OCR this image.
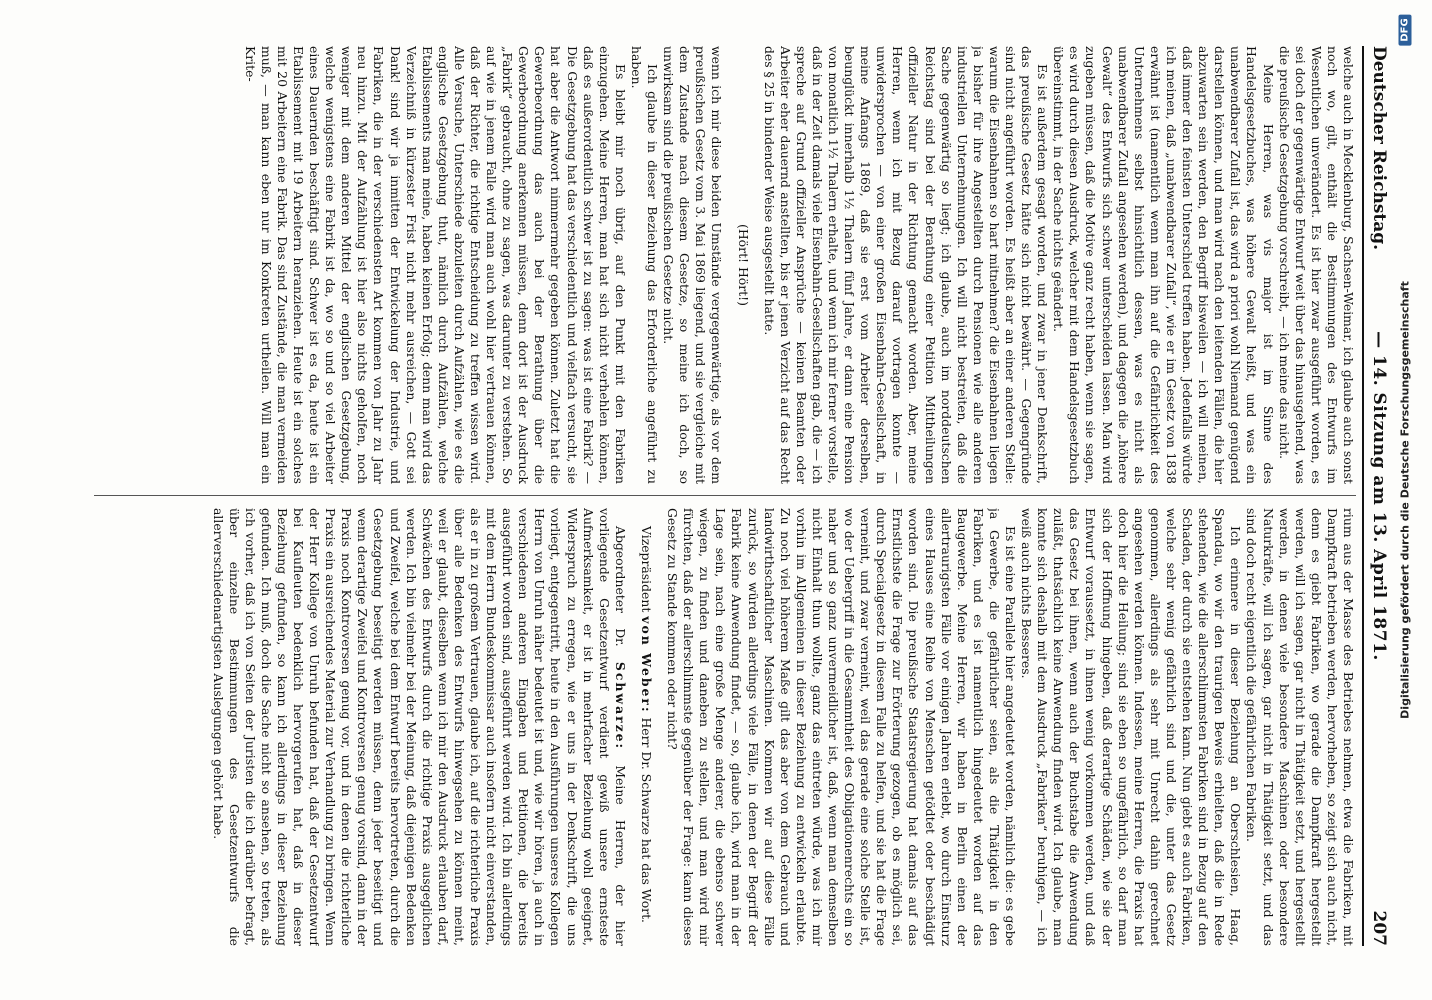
Deutscher Reichstag.
— 14. Sitzung am 13. April 1871.
207

welche auch in Mecklenburg, Sachsen-Weimar, ich glaube auch sonst noch wo, gilt, enthält die Bestimmungen des Entwurfs im Wesentlichen unverändert. Es ist hier zwar ausgeführt worden, es sei doch der gegenwärtige Entwurf weit über das hinausgehend, was die preußische Gesetzgebung vorschreibt, — ich meine das nicht.

Meine Herren, was vis major ist im Sinne des Handelsgesetzbuches, was höhere Gewalt heißt, und was ein unabwendbarer Zufall ist, das wird a priori wohl Niemand genügend darstellen können, und man wird nach den leitenden Fällen, die hier abzuwarten sein werden, den Begriff bisweilen — ich will meinen, daß immer den feinsten Unterschied treffen haben. Jedenfalls würde ich meinen, daß „unabwendbarer Zufall“, wie er im Gesetz von 1838 erwähnt ist (namentlich wenn man ihn auf die Gefährlichkeit des Unternehmens selbst hinsichtlich dessen, was es nicht als unabwendbarer Zufall angesehen werden), und dagegen die „höhere Gewalt“ des Entwurfs sich schwer unterscheiden lassen. Man wird zugeben müssen, daß die Motive ganz recht haben, wenn sie sagen, es wird durch diesen Ausdruck, welcher mit dem Handelsgesetzbuch übereinstimmt, in der Sache nichts geändert.

Es ist außerdem gesagt worden, und zwar in jener Denkschrift, das preußische Gesetz hätte sich nicht bewährt. — Gegengründe sind nicht angeführt worden. Es heißt aber an einer anderen Stelle: warum die Eisenbahnen so hart mitnehmen? die Eisenbahnen liegen ja bisher für ihre Angestellten durch Pensionen wie alle anderen industriellen Unternehmungen. Ich will nicht bestreiten, daß die Sache gegenwärtig so liegt; ich glaube, auch im norddeutschen Reichstag sind bei der Berathung einer Petition Mittheilungen offizieller Natur in der Richtung gemacht worden. Aber, meine Herren, wenn ich mit Bezug darauf vortragen konnte — unwidersprochen — von einer großen Eisenbahn-Gesellschaft, in meine Anfangs 1869, daß sie erst vom Arbeiter derselben, beunglückt innerhalb 1½ Thalern fünf Jahre, er dann eine Pension von monatlich 1½ Thalern erhalte, und wenn ich mir ferner vorstelle, daß in der Zeit damals viele Eisenbahn-Gesellschaften gab, die — ich spreche auf Grund offizieller Ansprüche — keinen Beamten oder Arbeiter eher dauernd anstellten, bis er jenen Verzicht auf das Recht des § 25 in bindender Weise ausgestellt hatte.

(Hört! Hört!)

wenn ich mir diese beiden Umstände vergegenwärtige, als vor dem preußischen Gesetz vom 3. Mai 1869 liegend, und sie vergleiche mit dem Zustande nach diesem Gesetze, so meine ich doch, so unwirksam sind die preußischen Gesetze nicht.

Ich glaube in dieser Beziehung das Erforderliche angeführt zu haben.

Es bleibt mir noch übrig, auf den Punkt mit den Fabriken einzugehen. Meine Herren, man hat sich nicht verhehlen können, daß es außerordentlich schwer ist zu sagen: was ist eine Fabrik? — Die Gesetzgebung hat das verschiedentlich und vielfach versucht, sie hat aber die Antwort nimmermehr gegeben können. Zuletzt hat die Gewerbeordnung das auch bei der Berathung über die Gewerbeordnung anerkennen müssen, denn dort ist der Ausdruck „Fabrik“ gebraucht, ohne zu sagen, was darunter zu verstehen. So auf wie in jenem Falle wird man auch wohl hier vertrauen können, daß der Richter, die richtige Entscheidung zu treffen wissen wird. Alle Versuche, Unterschiede abzuleiten durch Aufzählen, wie es die englische Gesetzgebung thut, nämlich durch Aufzählen, welche Etablissements man meine, haben keinen Erfolg; denn man wird das Verzeichniß in kürzester Frist nicht mehr ausreichen, — Gott sei Dank! sind wir ja inmitten der Entwickelung der Industrie, und Fabriken, die in der verschiedensten Art kommen von Jahr zu Jahr neu hinzu. Mit der Aufzählung ist hier also nichts geholfen, noch weniger mit dem anderen Mittel der englischen Gesetzgebung, welche wenigstens eine Fabrik ist da, wo so und so viel Arbeiter eines Dauernden beschäftigt sind. Schwer ist es da, heute ist ein Etablissement mit 19 Arbeitern heranziehen. Heute ist ein solches mit 20 Arbeitern eine Fabrik. Das sind Zustände, die man vermeiden muß, — man kann eben nur im Konkreten urtheilen. Will man ein Krite-

rium aus der Masse des Betriebes nehmen, etwa die Fabriken, mit Dampfkraft betrieben werden, hervorheben, so zeigt sich auch nicht, denn es giebt Fabriken, wo gerade die Dampfkraft hergestellt werden, will ich sagen, gar nicht in Thätigkeit setzt, und hergestellt werden, in denen viele besondere Maschinen oder besondere Naturkräfte, will ich sagen, gar nicht in Thätigkeit setzt, und das sind doch recht eigentlich die gefährlichen Fabriken.

Ich erinnere in dieser Beziehung an Oberschlesien, Haag, Spandau, wo wir den traurigen Beweis erhielten, daß die in Rede stehenden, wie die allerschlimmsten Fabriken sind in Bezug auf den Schaden, der durch sie entstehen kann. Nun giebt es auch Fabriken, welche sehr wenig gefährlich sind und die, unter das Gesetz genommen, allerdings als sehr mit Unrecht dahin gerechnet angesehen werden können. Indessen, meine Herren, die Praxis hat doch hier die Heilung; sind sie eben so ungefährlich, so darf man sich der Hoffnung hingeben, daß derartige Schäden, wie sie der Entwurf voraussetzt, in ihnen wenig vorkommen werden, und daß das Gesetz bei ihnen, wenn auch der Buchstabe die Anwendung zuläßt, thatsächlich keine Anwendung finden wird. Ich glaube, man konnte sich deshalb mit dem Ausdruck „Fabriken“ beruhigen, — ich weiß auch nichts Besseres.

Es ist eine Parallele hier angedeutet worden, nämlich die: es gebe ja Gewerbe, die gefährlicher seien, als die Thätigkeit in den Fabriken, und es ist namentlich hingedeutet worden auf das Baugewerbe. Meine Herren, wir haben in Berlin einen der allertraurigsten Fälle vor einigen Jahren erlebt, wo durch Einsturz eines Hauses eine Reihe von Menschen getödtet oder beschädigt worden sind. Die preußische Staatsregierung hat damals auf das Ernstlichste die Frage zur Erörterung gezogen, ob es möglich sei, durch Specialgesetz in diesem Falle zu helfen, und sie hat die Frage verneint, und zwar verneint, weil das gerade eine solche Stelle ist, wo der Uebergriff in die Gesammtheit des Obligationenrechts ein so naher und so ganz unvermeidlicher ist, daß, wenn man demselben nicht Einhalt thun wollte, ganz das eintreten würde, was ich mir vorhin im Allgemeinen in dieser Beziehung zu entwickeln erlaubte. Zu noch viel höherem Maße gilt das aber von dem Gebrauch und landwirthschaftlicher Maschinen. Kommen wir auf diese Fälle zurück, so würden allerdings viele Fälle, in denen der Begriff der Fabrik keine Anwendung findet, — so, glaube ich, wird man in der Lage sein, nach eine große Menge anderer, die ebenso schwer wiegen, zu finden und daneben zu stellen, und man wird mir fürchten, daß der allerschlimmste gegenüber der Frage: kann dieses Gesetz zu Stande kommen oder nicht?

Vizepräsident von Weber: Herr Dr. Schwarze hat das Wort.

Abgeordneter Dr. Schwarze: Meine Herren, der hier vorliegende Gesetzentwurf verdient gewiß unsere ernsteste Aufmerksamkeit, er ist in mehrfacher Beziehung wohl geeignet, Widerspruch zu erregen, wie er uns in der Denkschrift, die uns vorliegt, entgegentritt, heute in den Ausführungen unseres Kollegen Herrn von Unruh näher bedeutet ist und, wie wir hören, ja auch in verschiedenen anderen Eingaben und Petitionen, die bereits ausgeführt worden sind, ausgeführt werden wird. Ich bin allerdings mit dem Herrn Bundeskommissar auch insofern nicht einverstanden, als er in zu großem Vertrauen, glaube ich, auf die richterliche Praxis über alle Bedenken des Entwurfs hinwegsehen zu können meint, weil er glaubt, dieselben wenn ich mir den Ausdruck erlauben darf, Schwächen des Entwurfs durch die richtige Praxis ausgeglichen werden. Ich bin vielmehr bei der Meinung, daß diejenigen Bedenken und Zweifel, welche bei dem Entwurf bereits hervortreten, durch die Gesetzgebung beseitigt werden müssen, denn jeder beseitigt und wenn derartige Zweifel und Kontroversen genug vorsind, dann in der Praxis noch Kontroversen genug vor, und in denen die richterliche Praxis ein ausreichendes Material zur Verhandlung zu bringen. Wenn der Herr Kollege von Unruh befunden hat, daß der Gesetzentwurf bei Kaufleuten bedenklich hervorgerufen hat, daß in dieser Beziehung gefunden, so kann ich allerdings in dieser Beziehung gefunden. Ich muß, doch die Sache nicht so ansehen, so treten, als ich vorher, daß ich von Seiten der Juristen die ich darüber befragt, über einzelne Bestimmungen des Gesetzentwurfs die allerverschiedenartigsten Auslegungen gehört habe.	Digitalisierung gefördert durch die Deutsche Forschungsgemeinschaft
DFG
